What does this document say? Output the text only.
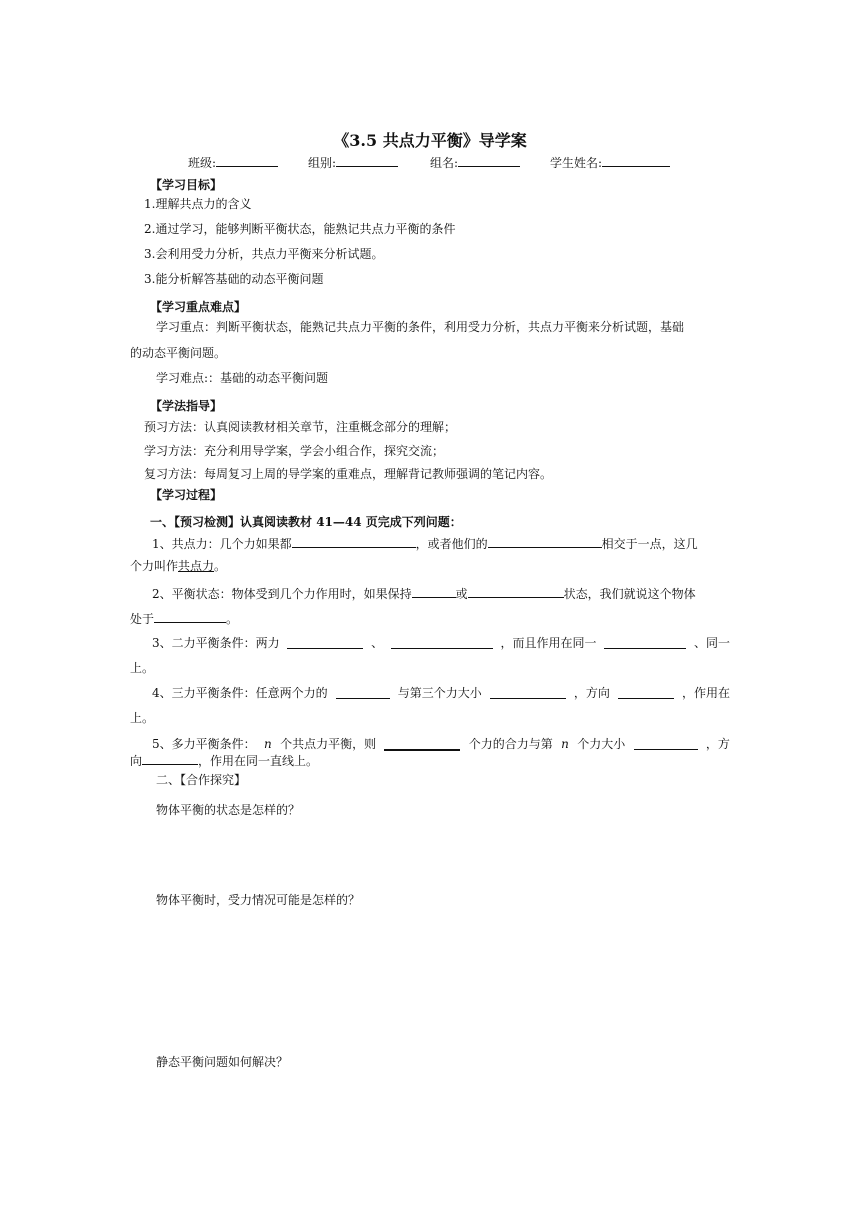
《3.5 共点力平衡》导学案
班级:	组别:	组名:	学生姓名:
【学习目标】
1.理解共点力的含义
2.通过学习，能够判断平衡状态，能熟记共点力平衡的条件
3.会利用受力分析，共点力平衡来分析试题。
3.能分析解答基础的动态平衡问题
【学习重点难点】
学习重点：判断平衡状态，能熟记共点力平衡的条件，利用受力分析，共点力平衡来分析试题，基础
的动态平衡问题。
学习难点:：基础的动态平衡问题
【学法指导】
预习方法：认真阅读教材相关章节，注重概念部分的理解；
学习方法：充分利用导学案，学会小组合作，探究交流；
复习方法：每周复习上周的导学案的重难点，理解背记教师强调的笔记内容。
【学习过程】
一、【预习检测】认真阅读教材 41—44 页完成下列问题：
1、共点力：几个力如果都	，或者他们的	相交于一点，这几
个力叫作共点力。
2、平衡状态：物体受到几个力作用时，如果保持	或	状态，我们就说这个物体
处于	。
3、二力平衡条件：两力	、	，而且作用在同一	、同一
上。
4、三力平衡条件：任意两个力的	与第三个力大小	，方向	，作用在
上。
5、多力平衡条件： n 个共点力平衡，则	个力的合力与第 n 个力大小	，方
向	，作用在同一直线上。
二、【合作探究】
物体平衡的状态是怎样的？
物体平衡时，受力情况可能是怎样的？
静态平衡问题如何解决？
